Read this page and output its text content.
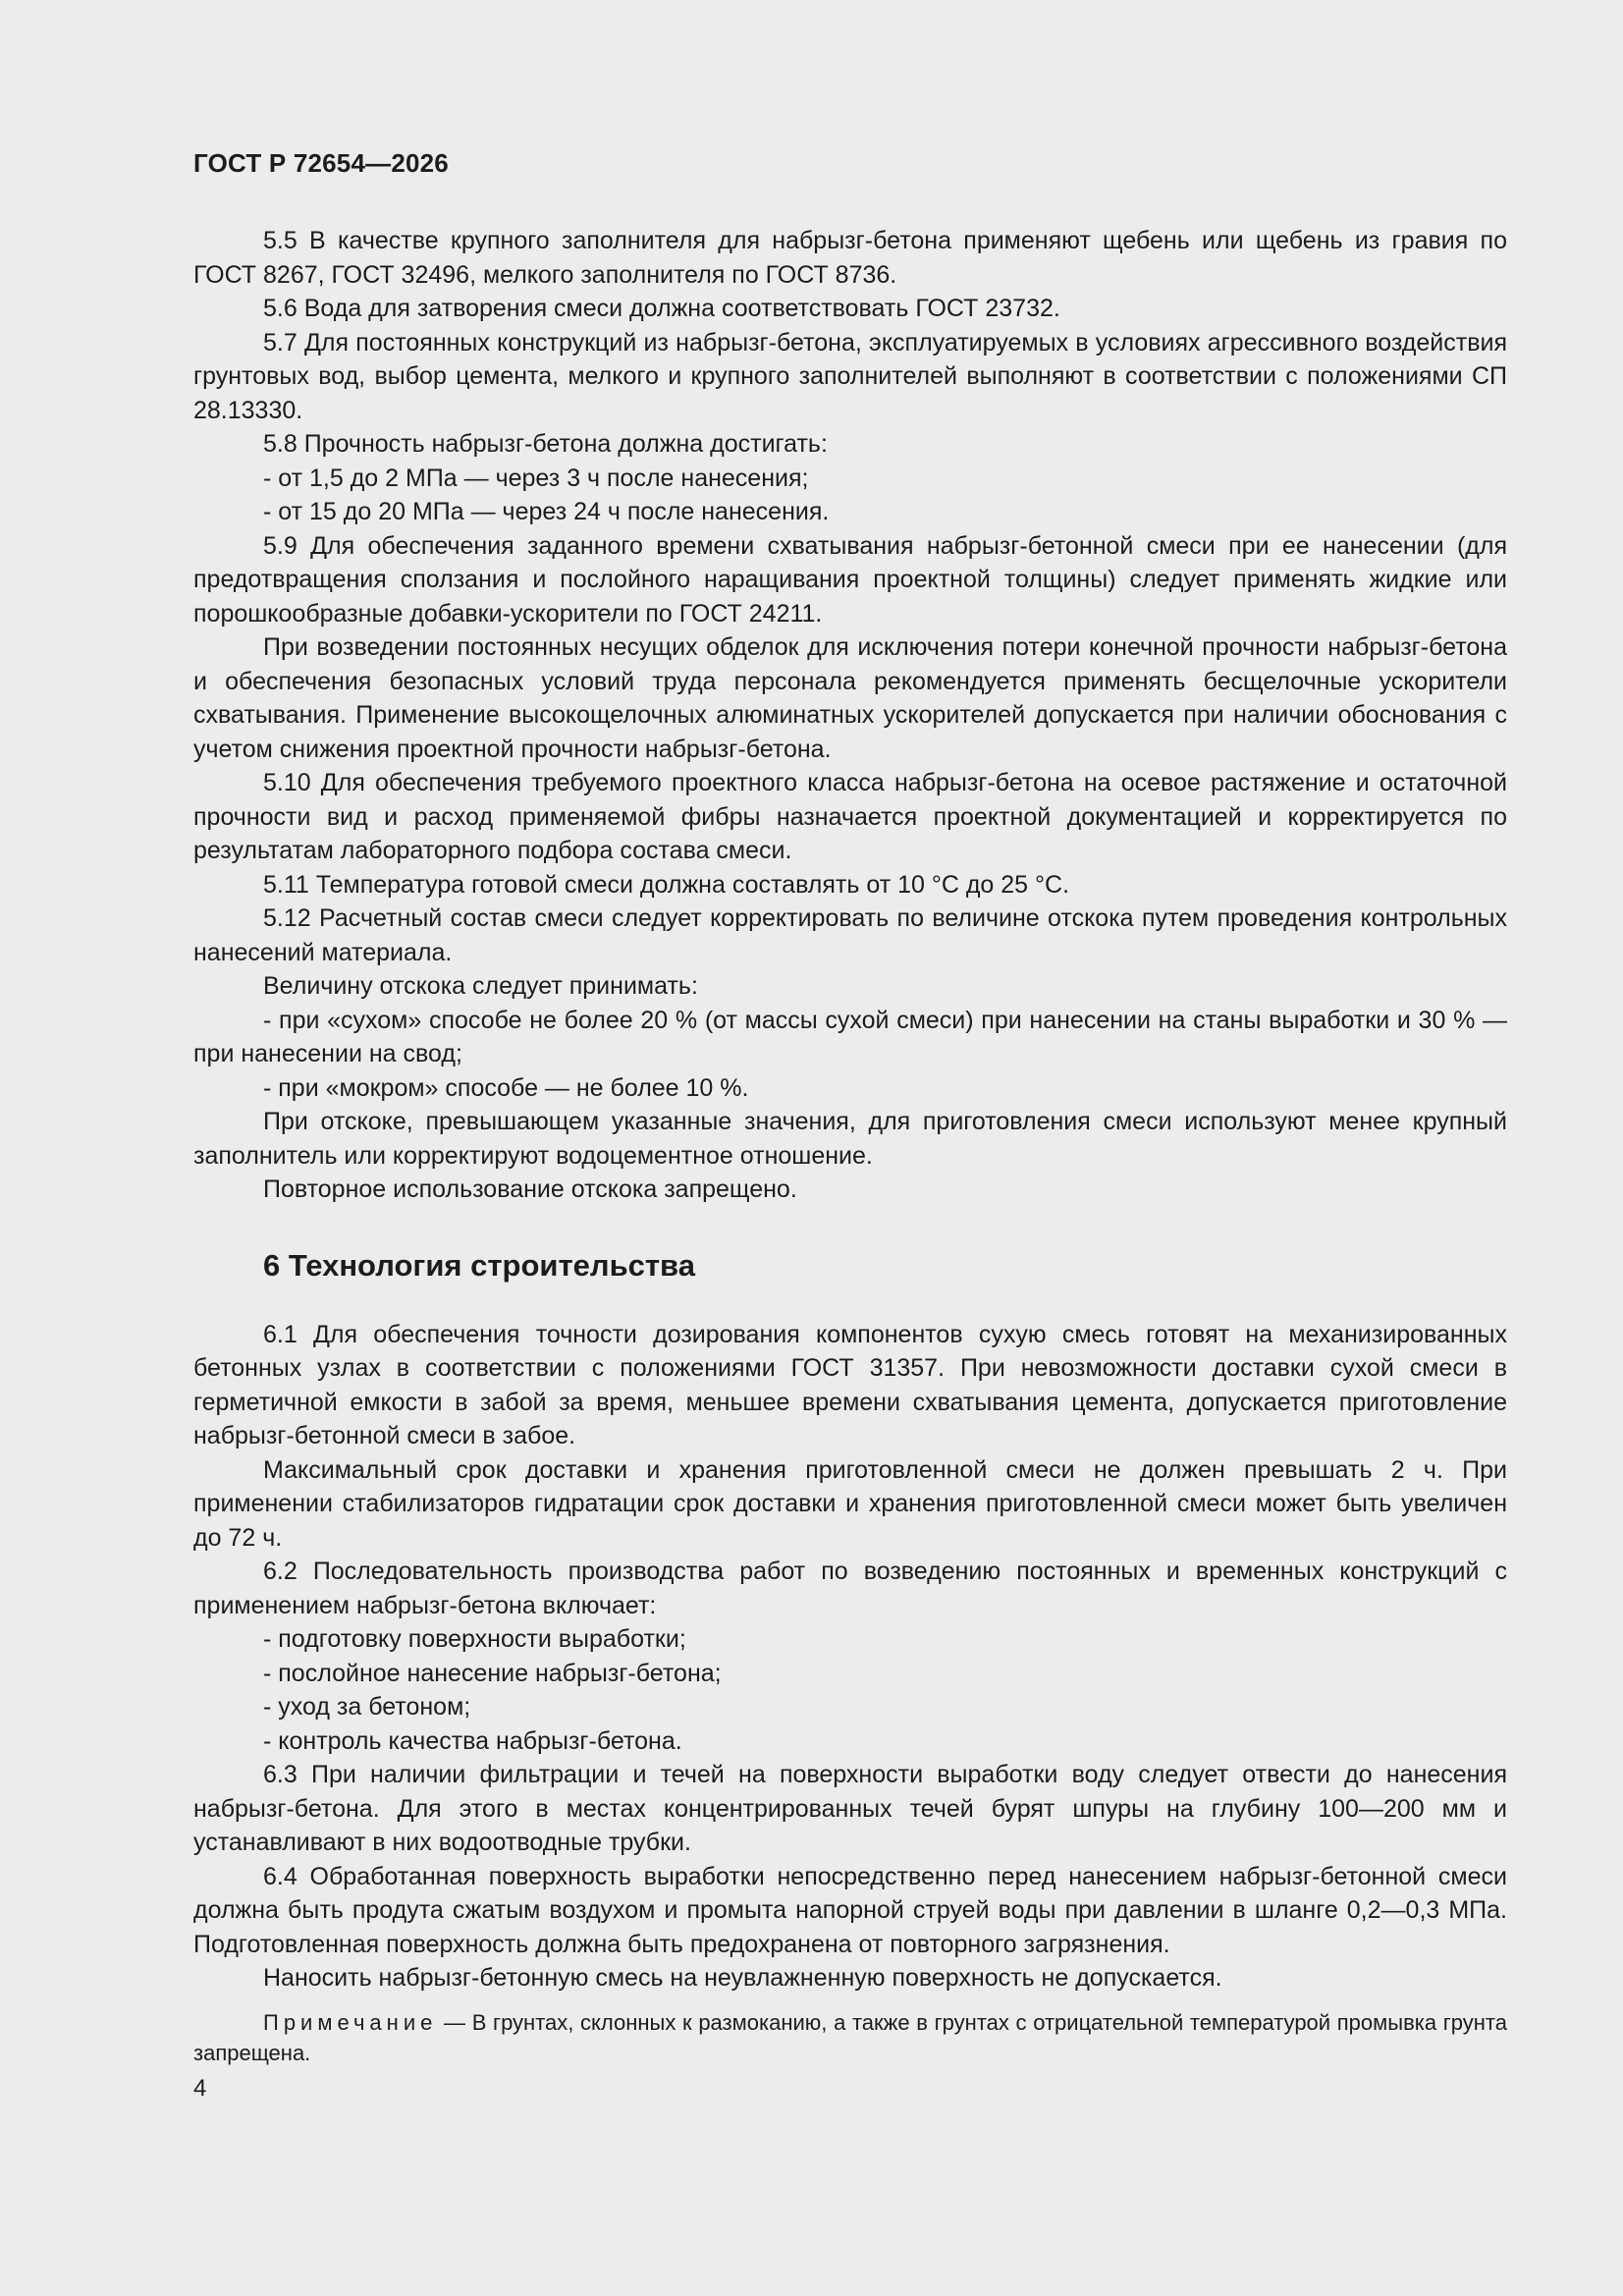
ГОСТ Р 72654—2026

5.5 В качестве крупного заполнителя для набрызг-бетона применяют щебень или щебень из гравия по ГОСТ 8267, ГОСТ 32496, мелкого заполнителя по ГОСТ 8736.

5.6 Вода для затворения смеси должна соответствовать ГОСТ 23732.

5.7 Для постоянных конструкций из набрызг-бетона, эксплуатируемых в условиях агрессивного воздействия грунтовых вод, выбор цемента, мелкого и крупного заполнителей выполняют в соответствии с положениями СП 28.13330.

5.8 Прочность набрызг-бетона должна достигать:

- от 1,5 до 2 МПа — через 3 ч после нанесения;

- от 15 до 20 МПа — через 24 ч после нанесения.

5.9 Для обеспечения заданного времени схватывания набрызг-бетонной смеси при ее нанесении (для предотвращения сползания и послойного наращивания проектной толщины) следует применять жидкие или порошкообразные добавки-ускорители по ГОСТ 24211.

При возведении постоянных несущих обделок для исключения потери конечной прочности набрызг-бетона и обеспечения безопасных условий труда персонала рекомендуется применять бесщелочные ускорители схватывания. Применение высокощелочных алюминатных ускорителей допускается при наличии обоснования с учетом снижения проектной прочности набрызг-бетона.

5.10 Для обеспечения требуемого проектного класса набрызг-бетона на осевое растяжение и остаточной прочности вид и расход применяемой фибры назначается проектной документацией и корректируется по результатам лабораторного подбора состава смеси.

5.11 Температура готовой смеси должна составлять от 10 °С до 25 °С.

5.12 Расчетный состав смеси следует корректировать по величине отскока путем проведения контрольных нанесений материала.

Величину отскока следует принимать:

- при «сухом» способе не более 20 % (от массы сухой смеси) при нанесении на станы выработки и 30 % — при нанесении на свод;

- при «мокром» способе — не более 10 %.

При отскоке, превышающем указанные значения, для приготовления смеси используют менее крупный заполнитель или корректируют водоцементное отношение.

Повторное использование отскока запрещено.

6 Технология строительства

6.1 Для обеспечения точности дозирования компонентов сухую смесь готовят на механизированных бетонных узлах в соответствии с положениями ГОСТ 31357. При невозможности доставки сухой смеси в герметичной емкости в забой за время, меньшее времени схватывания цемента, допускается приготовление набрызг-бетонной смеси в забое.

Максимальный срок доставки и хранения приготовленной смеси не должен превышать 2 ч. При применении стабилизаторов гидратации срок доставки и хранения приготовленной смеси может быть увеличен до 72 ч.

6.2 Последовательность производства работ по возведению постоянных и временных конструкций с применением набрызг-бетона включает:

- подготовку поверхности выработки;

- послойное нанесение набрызг-бетона;

- уход за бетоном;

- контроль качества набрызг-бетона.

6.3 При наличии фильтрации и течей на поверхности выработки воду следует отвести до нанесения набрызг-бетона. Для этого в местах концентрированных течей бурят шпуры на глубину 100—200 мм и устанавливают в них водоотводные трубки.

6.4 Обработанная поверхность выработки непосредственно перед нанесением набрызг-бетонной смеси должна быть продута сжатым воздухом и промыта напорной струей воды при давлении в шланге 0,2—0,3 МПа. Подготовленная поверхность должна быть предохранена от повторного загрязнения.

Наносить набрызг-бетонную смесь на неувлажненную поверхность не допускается.

Примечание — В грунтах, склонных к размоканию, а также в грунтах с отрицательной температурой промывка грунта запрещена.

4
